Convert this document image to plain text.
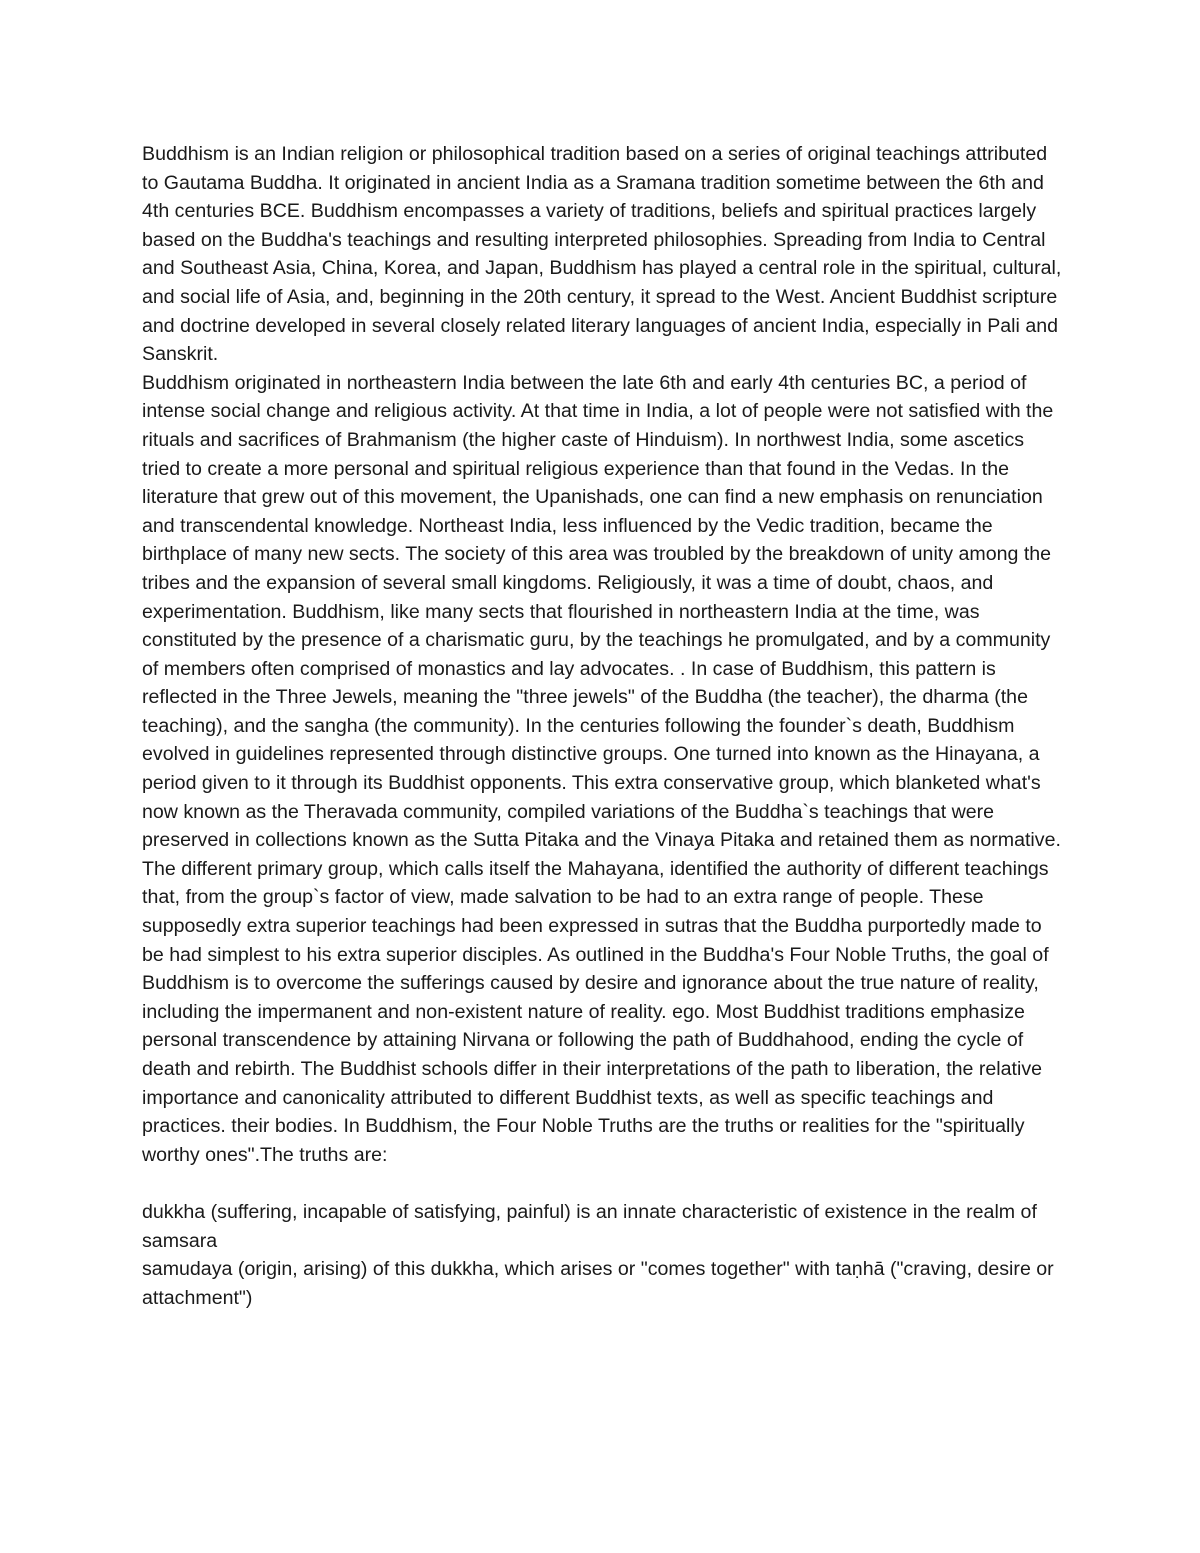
Buddhism is an Indian religion or philosophical tradition based on a series of original teachings attributed to Gautama Buddha. It originated in ancient India as a Sramana tradition sometime between the 6th and 4th centuries BCE. Buddhism encompasses a variety of traditions, beliefs and spiritual practices largely based on the Buddha's teachings and resulting interpreted philosophies. Spreading from India to Central and Southeast Asia, China, Korea, and Japan, Buddhism has played a central role in the spiritual, cultural, and social life of Asia, and, beginning in the 20th century, it spread to the West. Ancient Buddhist scripture and doctrine developed in several closely related literary languages of ancient India, especially in Pali and Sanskrit.

Buddhism originated in northeastern India between the late 6th and early 4th centuries BC, a period of intense social change and religious activity. At that time in India, a lot of people were not satisfied with the rituals and sacrifices of Brahmanism (the higher caste of Hinduism). In northwest India, some ascetics tried to create a more personal and spiritual religious experience than that found in the Vedas. In the literature that grew out of this movement, the Upanishads, one can find a new emphasis on renunciation and transcendental knowledge. Northeast India, less influenced by the Vedic tradition, became the birthplace of many new sects. The society of this area was troubled by the breakdown of unity among the tribes and the expansion of several small kingdoms. Religiously, it was a time of doubt, chaos, and experimentation. Buddhism, like many sects that flourished in northeastern India at the time, was constituted by the presence of a charismatic guru, by the teachings he promulgated, and by a community of members often comprised of monastics and lay advocates. . In case of Buddhism, this pattern is reflected in the Three Jewels, meaning the "three jewels" of the Buddha (the teacher), the dharma (the teaching), and the sangha (the community). In the centuries following the founder`s death, Buddhism evolved in guidelines represented through distinctive groups. One turned into known as the Hinayana, a period given to it through its Buddhist opponents. This extra conservative group, which blanketed what's now known as the Theravada community, compiled variations of the Buddha`s teachings that were preserved in collections known as the Sutta Pitaka and the Vinaya Pitaka and retained them as normative. The different primary group, which calls itself the Mahayana, identified the authority of different teachings that, from the group`s factor of view, made salvation to be had to an extra range of people. These supposedly extra superior teachings had been expressed in sutras that the Buddha purportedly made to be had simplest to his extra superior disciples. As outlined in the Buddha's Four Noble Truths, the goal of Buddhism is to overcome the sufferings caused by desire and ignorance about the true nature of reality, including the impermanent and non-existent nature of reality. ego. Most Buddhist traditions emphasize personal transcendence by attaining Nirvana or following the path of Buddhahood, ending the cycle of death and rebirth. The Buddhist schools differ in their interpretations of the path to liberation, the relative importance and canonicality attributed to different Buddhist texts, as well as specific teachings and practices. their bodies. In Buddhism, the Four Noble Truths are the truths or realities for the "spiritually worthy ones".The truths are:

dukkha (suffering, incapable of satisfying, painful) is an innate characteristic of existence in the realm of samsara

samudaya (origin, arising) of this dukkha, which arises or "comes together" with taṇhā ("craving, desire or attachment")
